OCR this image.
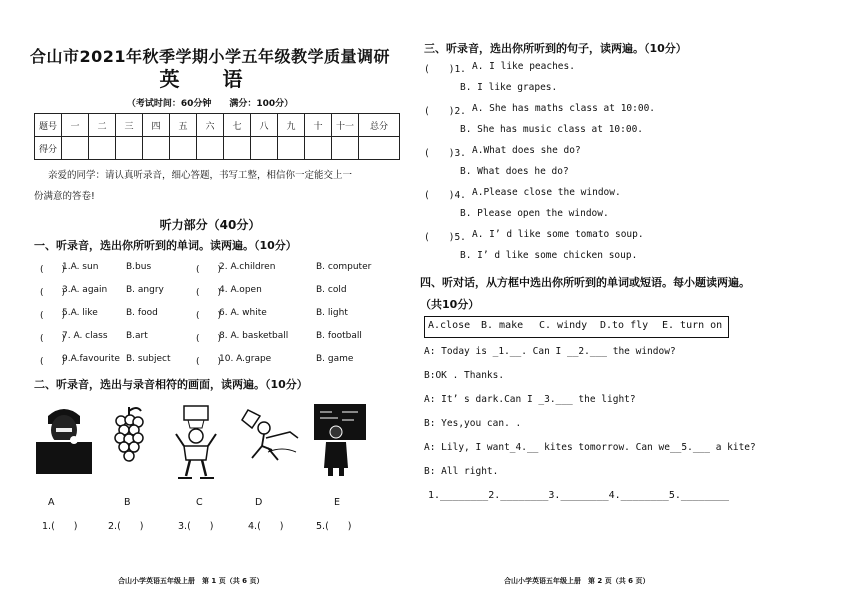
合山市2021年秋季学期小学五年级教学质量调研
英 语
（考试时间：60分钟　　满分：100分）
题号	一	二	三	四	五	六	七	八	九	十	十一	总分
得分												
亲爱的同学：请认真听录音，细心答题，书写工整，相信你一定能交上一
份满意的答卷!
听力部分（40分）
一、听录音，选出你所听到的单词。读两遍。（10分）
(　　)
1.A. sun	B.bus	(　　)
2. A.children	B. computer
(　　)
3.A. again B. angry	(　　)
4. A.open	B. cold
(　　)
5.A. like	B. food	(　　)
6. A. white	B. light
(　　)
7. A. class B.art	(　　)
8. A. basketball	B. football
(　　)
9.A.favourite B. subject	(　　)
10. A.grape	B. game
二、听录音，选出与录音相符的画面，读两遍。（10分）
A	B	C	D	E
1.(　　)	2.(　　)	3.(　　)	4.(　　)	5.(　　)
合山小学英语五年级上册　第 1 页（共 6 页）
三、听录音，选出你所听到的句子，读两遍。（10分）
(　　)1. A. I like peaches.
B. I like grapes.
(　　)2. A. She has maths class at 10:00.
B. She has music class at 10:00.
(　　)3. A.What does she do?
B. What does he do?
(　　)4. A.Please close the window.
B. Please open the window.
(　　)5. A. I’ d like some tomato soup.
B. I’ d like some chicken soup.
四、听对话，从方框中选出你所听到的单词或短语。每小题读两遍。
（共10分）
A.close B. make C. windy D.to fly E. turn on
A: Today is _1.__. Can I __2.___ the window?
B:OK . Thanks.
A: It’ s dark.Can I _3.___ the light?
B: Yes,you can. .
A: Lily, I want_4.__ kites tomorrow. Can we__5.___ a kite?
B: All right.
1.________2.________3.________4.________5.________
合山小学英语五年级上册　第 2 页（共 6 页）
